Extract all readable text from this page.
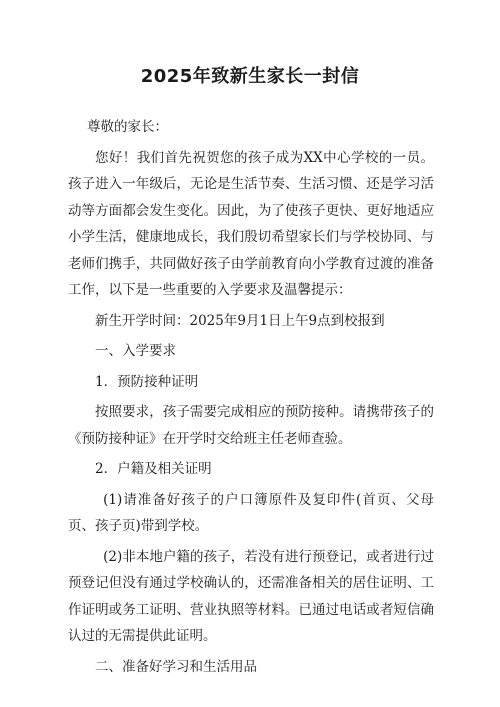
2025年致新生家长一封信

尊敬的家长：

您好！我们首先祝贺您的孩子成为XX中心学校的一员。孩子进入一年级后，无论是生活节奏、生活习惯、还是学习活动等方面都会发生变化。因此，为了使孩子更快、更好地适应小学生活，健康地成长，我们殷切希望家长们与学校协同、与老师们携手，共同做好孩子由学前教育向小学教育过渡的准备工作，以下是一些重要的入学要求及温馨提示：

新生开学时间：2025年9月1日上午9点到校报到

一、入学要求

1．预防接种证明

按照要求，孩子需要完成相应的预防接种。请携带孩子的《预防接种证》在开学时交给班主任老师查验。

2．户籍及相关证明

(1)请准备好孩子的户口簿原件及复印件(首页、父母页、孩子页)带到学校。

(2)非本地户籍的孩子，若没有进行预登记，或者进行过预登记但没有通过学校确认的，还需准备相关的居住证明、工作证明或务工证明、营业执照等材料。已通过电话或者短信确认过的无需提供此证明。

二、准备好学习和生活用品
